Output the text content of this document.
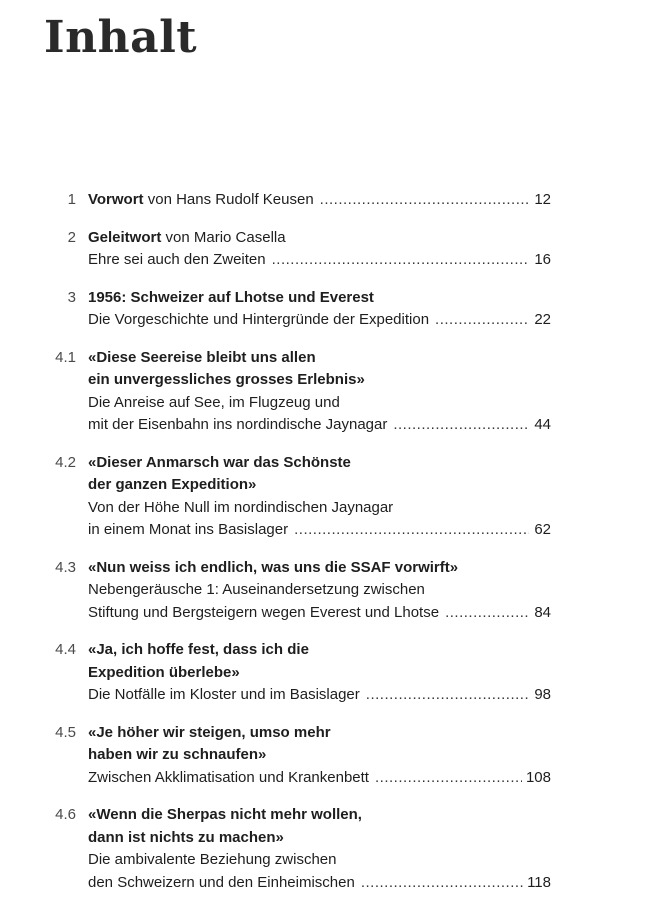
Inhalt
1 Vorwort von Hans Rudolf Keusen .....	12
2 Geleitwort von Mario Casella
Ehre sei auch den Zweiten .....	16
3 1956: Schweizer auf Lhotse und Everest
Die Vorgeschichte und Hintergründe der Expedition .....	22
4.1 «Diese Seereise bleibt uns allen
ein unvergessliches grosses Erlebnis»
Die Anreise auf See, im Flugzeug und
mit der Eisenbahn ins nordindische Jaynagar .....	44
4.2 «Dieser Anmarsch war das Schönste
der ganzen Expedition»
Von der Höhe Null im nordindischen Jaynagar
in einem Monat ins Basislager .....	62
4.3 «Nun weiss ich endlich, was uns die SSAF vorwirft»
Nebengeräusche 1: Auseinandersetzung zwischen
Stiftung und Bergsteigern wegen Everest und Lhotse .....	84
4.4 «Ja, ich hoffe fest, dass ich die
Expedition überlebe»
Die Notfälle im Kloster und im Basislager .....	98
4.5 «Je höher wir steigen, umso mehr
haben wir zu schnaufen»
Zwischen Akklimatisation und Krankenbett .....	108
4.6 «Wenn die Sherpas nicht mehr wollen,
dann ist nichts zu machen»
Die ambivalente Beziehung zwischen
den Schweizern und den Einheimischen .....	118
